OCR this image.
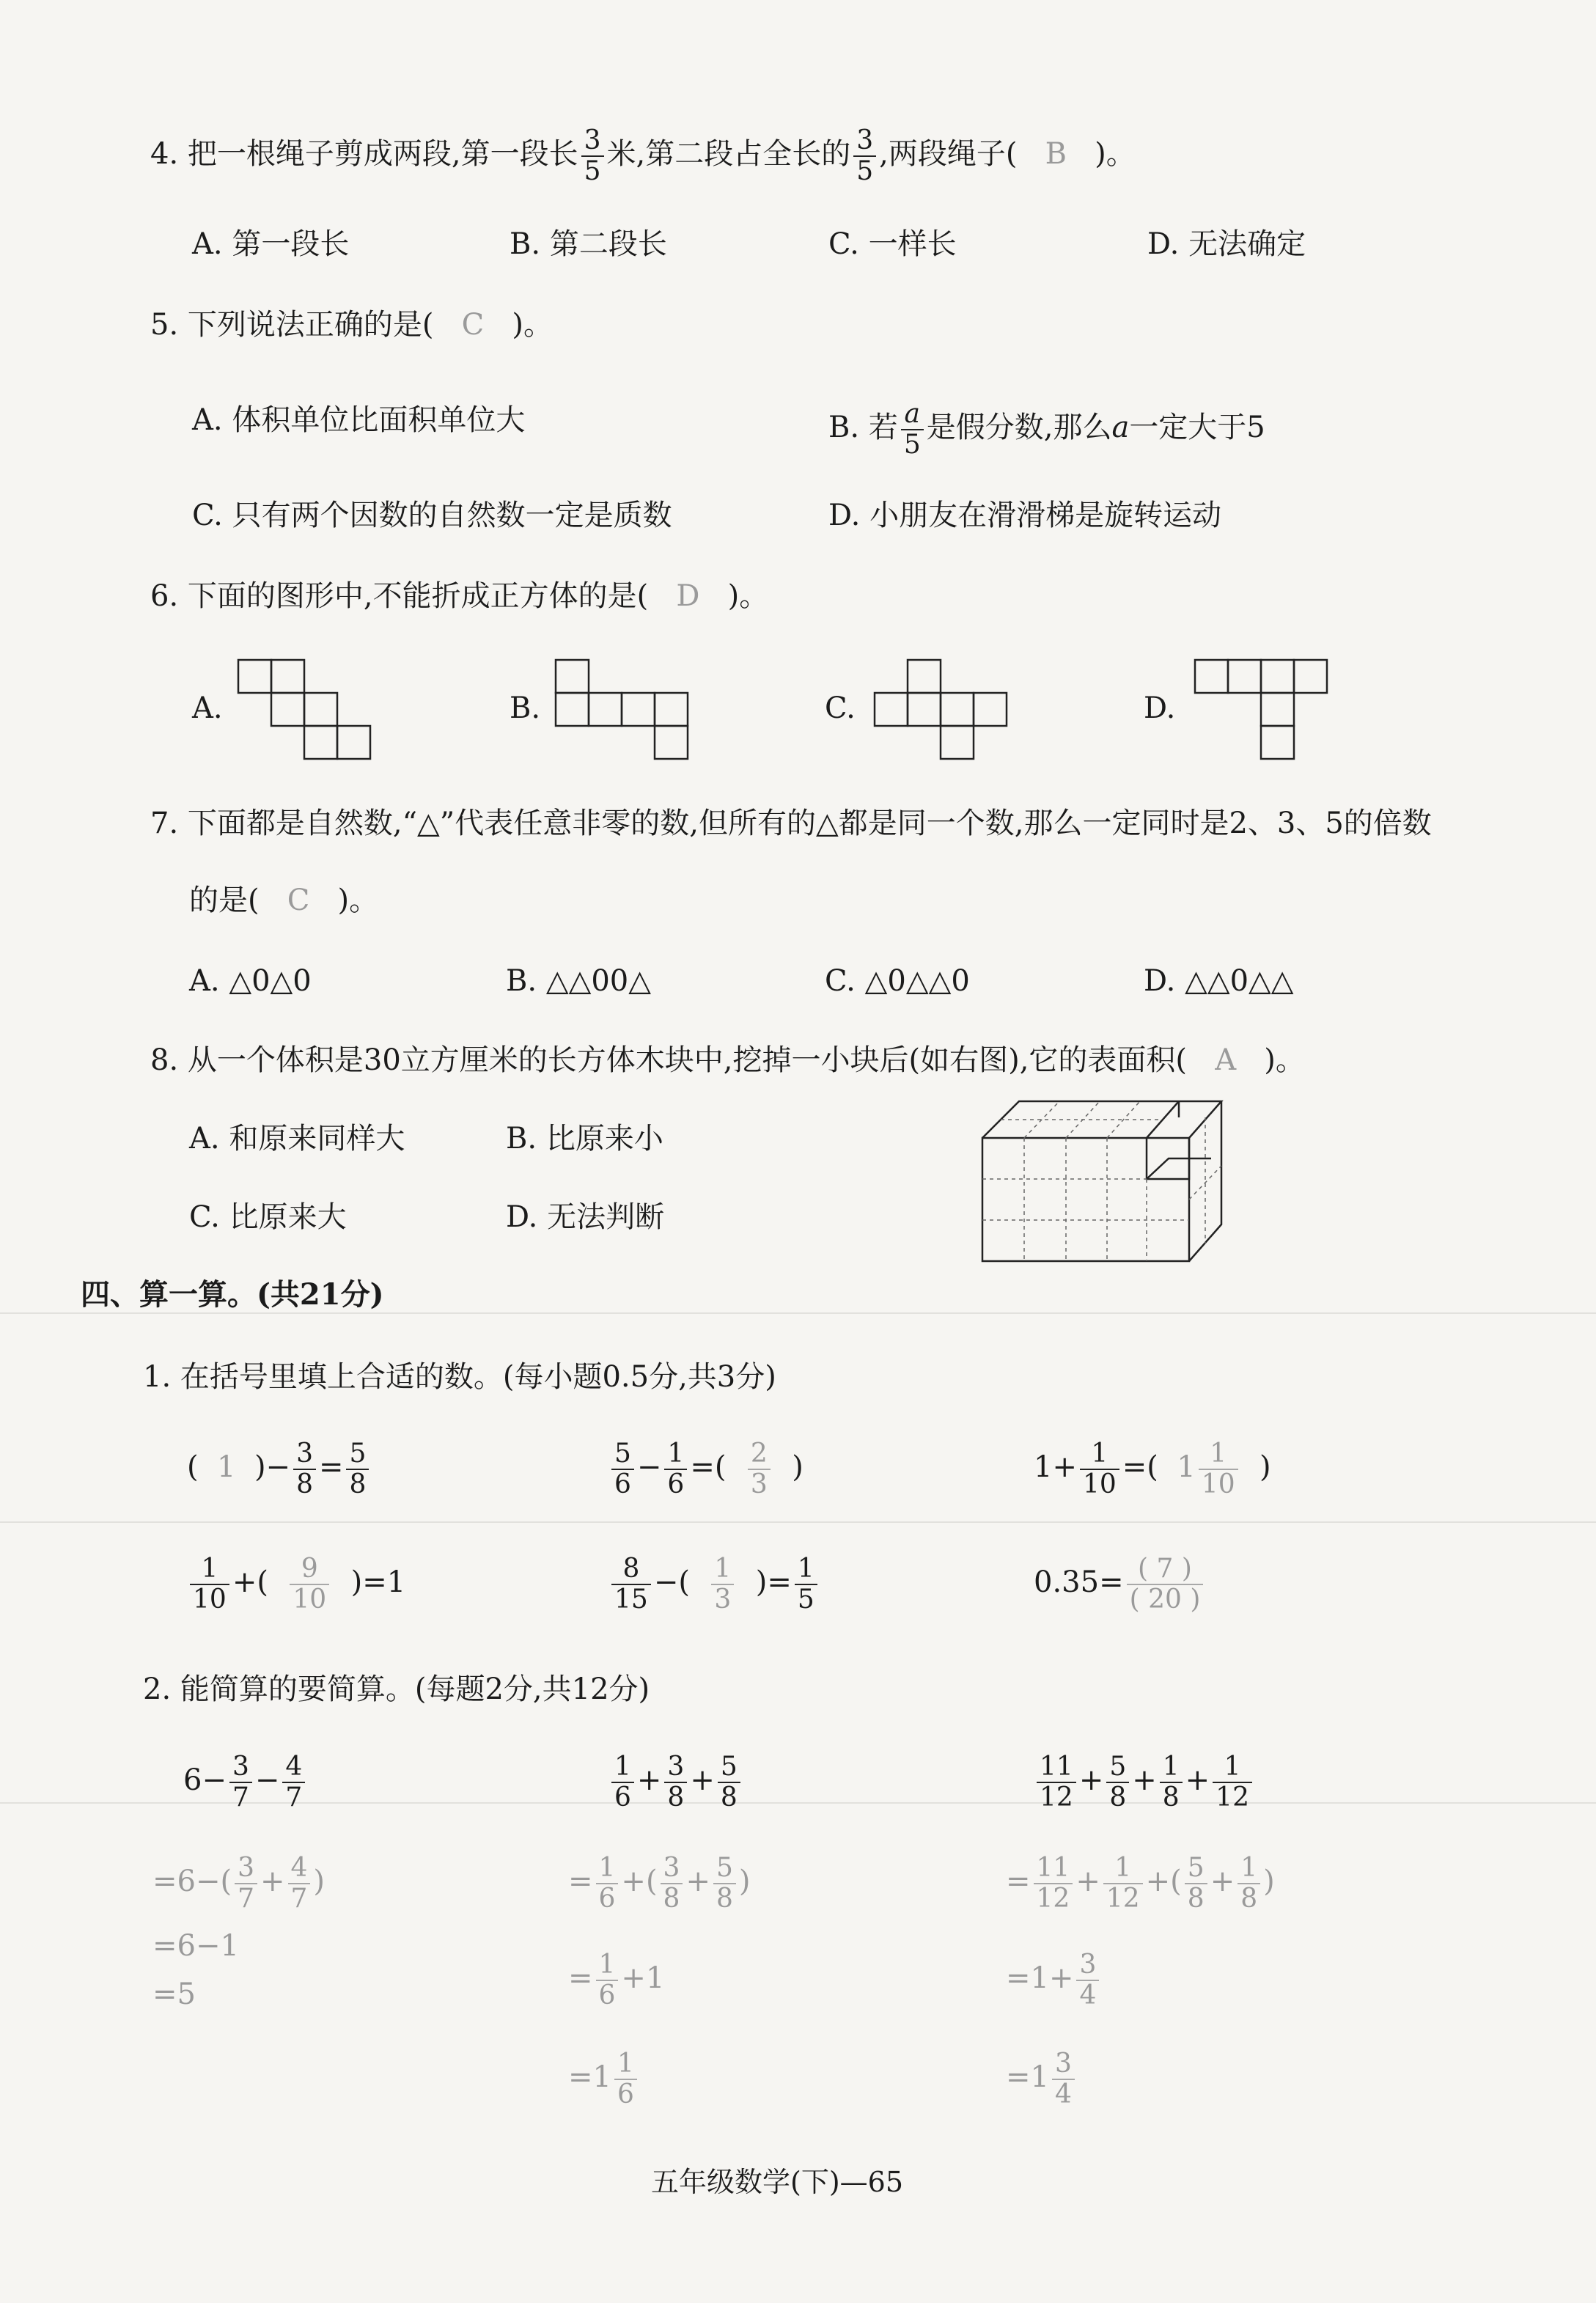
4. 把一根绳子剪成两段,第一段长 $\frac{3}{5}$ 米,第二段占全长的 $\frac{3}{5}$ ,两段绳子( B )。
A. 第一段长	B. 第二段长	C. 一样长	D. 无法确定
5. 下列说法正确的是( C )。
A. 体积单位比面积单位大	B. 若 $\frac{a}{5}$ 是假分数,那么a一定大于5
C. 只有两个因数的自然数一定是质数	D. 小朋友在滑滑梯是旋转运动
6. 下面的图形中,不能折成正方体的是( D )。
A.	B.	C.	D.
7. 下面都是自然数,“△”代表任意非零的数,但所有的△都是同一个数,那么一定同时是2、3、5的倍数
的是( C )。
A. △0△0	B. △△00△	C. △0△△0	D. △△0△△
8. 从一个体积是30立方厘米的长方体木块中,挖掉一小块后(如右图),它的表面积( A )。
A. 和原来同样大	B. 比原来小
C. 比原来大	D. 无法判断
四、算一算。(共21分)
1. 在括号里填上合适的数。(每小题0.5分,共3分)
( 1 )− $\frac{3}{8} = \frac{5}{8}$	$\frac{5}{6} - \frac{1}{6}$ =( $\frac{2}{3}$ )	$1+ \frac{1}{10}$ =( $1 \frac{1}{10}$ )
$\frac{1}{10}$ +( $\frac{9}{10} )=1$	$\frac{8}{15}$ −( $\frac{1}{3}$ )= $\frac{1}{5}$	$0.35= \frac{( 7 )}{( 20 )}$
2. 能简算的要简算。(每题2分,共12分)
$6- \frac{3}{7} - \frac{4}{7}$
$=6-( \frac{3}{7} + \frac{4}{7}$ )
=6−1
=5
$\frac{1}{6} + \frac{3}{8} + \frac{5}{8}$
= $\frac{1}{6}$ +( $\frac{3}{8} + \frac{5}{8}$ )
= $\frac{1}{6} +1$
$=1 \frac{1}{6}$
$\frac{11}{12} + \frac{5}{8} + \frac{1}{8} + \frac{1}{12}$
= $\frac{11}{12} + \frac{1}{12}$ +( $\frac{5}{8} + \frac{1}{8}$ )
$=1+ \frac{3}{4}$
$=1 \frac{3}{4}$
五年级数学(下)—65
